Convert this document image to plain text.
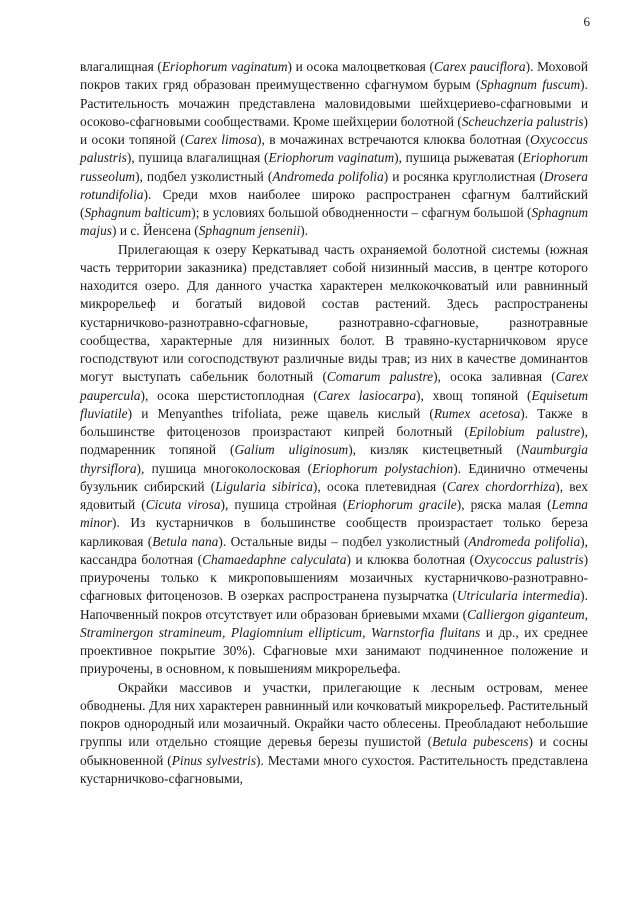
6

влагалищная (Eriophorum vaginatum) и осока малоцветковая (Carex pauciflora). Моховой покров таких гряд образован преимущественно сфагнумом бурым (Sphagnum fuscum). Растительность мочажин представлена маловидовыми шейхцериево-сфагновыми и осоково-сфагновыми сообществами. Кроме шейхцерии болотной (Scheuchzeria palustris) и осоки топяной (Carex limosa), в мочажинах встречаются клюква болотная (Oxycoccus palustris), пушица влагалищная (Eriophorum vaginatum), пушица рыжеватая (Eriophorum russeolum), подбел узколистный (Andromeda polifolia) и росянка круглолистная (Drosera rotundifolia). Среди мхов наиболее широко распространен сфагнум балтийский (Sphagnum balticum); в условиях большой обводненности – сфагнум большой (Sphagnum majus) и с. Йенсена (Sphagnum jensenii).

Прилегающая к озеру Керкатывад часть охраняемой болотной системы (южная часть территории заказника) представляет собой низинный массив, в центре которого находится озеро. Для данного участка характерен мелкокочковатый или равнинный микрорельеф и богатый видовой состав растений. Здесь распространены кустарничково-разнотравно-сфагновые, разнотравно-сфагновые, разнотравные сообщества, характерные для низинных болот. В травяно-кустарничковом ярусе господствуют или согосподствуют различные виды трав; из них в качестве доминантов могут выступать сабельник болотный (Comarum palustre), осока заливная (Carex paupercula), осока шерстистоплодная (Carex lasiocarpa), хвощ топяной (Equisetum fluviatile) и Menyanthes trifoliata, реже щавель кислый (Rumex acetosa). Также в большинстве фитоценозов произрастают кипрей болотный (Epilobium palustre), подмаренник топяной (Galium uliginosum), кизляк кистецветный (Naumburgia thyrsiflora), пушица многоколосковая (Eriophorum polystachion). Единично отмечены бузульник сибирский (Ligularia sibirica), осока плетевидная (Carex chordorrhiza), вех ядовитый (Cicuta virosa), пушица стройная (Eriophorum gracile), ряска малая (Lemna minor). Из кустарничков в большинстве сообществ произрастает только береза карликовая (Betula nana). Остальные виды – подбел узколистный (Andromeda polifolia), кассандра болотная (Chamaedaphne calyculata) и клюква болотная (Oxycoccus palustris) приурочены только к микроповышениям мозаичных кустарничково-разнотравно-сфагновых фитоценозов. В озерках распространена пузырчатка (Utricularia intermedia). Напочвенный покров отсутствует или образован бриевыми мхами (Calliergon giganteum, Straminergon stramineum, Plagiomnium ellipticum, Warnstorfia fluitans и др., их среднее проективное покрытие 30%). Сфагновые мхи занимают подчиненное положение и приурочены, в основном, к повышениям микрорельефа.

Окрайки массивов и участки, прилегающие к лесным островам, менее обводнены. Для них характерен равнинный или кочковатый микрорельеф. Растительный покров однородный или мозаичный. Окрайки часто облесены. Преобладают небольшие группы или отдельно стоящие деревья березы пушистой (Betula pubescens) и сосны обыкновенной (Pinus sylvestris). Местами много сухостоя. Растительность представлена кустарничково-сфагновыми,
